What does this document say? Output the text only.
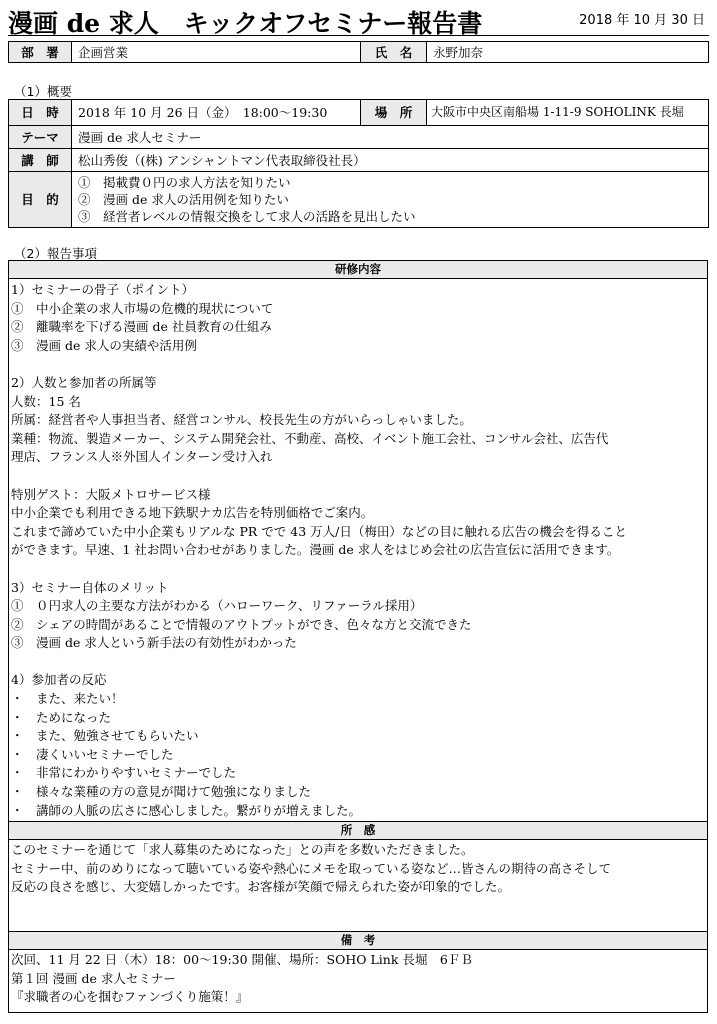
漫画 de 求人　キックオフセミナー報告書	2018 年 10 月 30 日
部　署	企画営業	氏　名	永野加奈
（1）概要
日　時	2018 年 10 月 26 日（金）　18:00〜19:30	場　所	大阪市中央区南船場 1-11-9 SOHOLINK 長堀
テーマ	漫画 de 求人セミナー		
講　師	松山秀俊（(株) アンシャントマン代表取締役社長）		
目　的	①　掲載費０円の求人方法を知りたい
②　漫画 de 求人の活用例を知りたい
③　経営者レベルの情報交換をして求人の活路を見出したい		
（2）報告事項
研修内容
1）セミナーの骨子（ポイント）
①　中小企業の求人市場の危機的現状について
②　離職率を下げる漫画 de 社員教育の仕組み
③　漫画 de 求人の実績や活用例
2）人数と参加者の所属等
人数：15 名
所属：経営者や人事担当者、経営コンサル、校長先生の方がいらっしゃいました。
業種：物流、製造メーカー、システム開発会社、不動産、高校、イベント施工会社、コンサル会社、広告代
理店、フランス人※外国人インターン受け入れ
特別ゲスト：大阪メトロサービス様
中小企業でも利用できる地下鉄駅ナカ広告を特別価格でご案内。
これまで諦めていた中小企業もリアルな PR でで 43 万人/日（梅田）などの目に触れる広告の機会を得ること
ができます。早速、1 社お問い合わせがありました。漫画 de 求人をはじめ会社の広告宣伝に活用できます。
3）セミナー自体のメリット
①　０円求人の主要な方法がわかる（ハローワーク、リファーラル採用）
②　シェアの時間があることで情報のアウトプットができ、色々な方と交流できた
③　漫画 de 求人という新手法の有効性がわかった
4）参加者の反応
・　また、来たい！
・　ためになった
・　また、勉強させてもらいたい
・　凄くいいセミナーでした
・　非常にわかりやすいセミナーでした
・　様々な業種の方の意見が聞けて勉強になりました
・　講師の人脈の広さに感心しました。繋がりが増えました。
所　感
このセミナーを通じて「求人募集のためになった」との声を多数いただきました。
セミナー中、前のめりになって聴いている姿や熱心にメモを取っている姿など…皆さんの期待の高さそして
反応の良さを感じ、大変嬉しかったです。お客様が笑顔で帰えられた姿が印象的でした。
備　考
次回、11 月 22 日（木）18：00〜19:30 開催、場所：SOHO Link 長堀　6ＦＢ
第１回 漫画 de 求人セミナー
『求職者の心を掴むファンづくり施策！』
